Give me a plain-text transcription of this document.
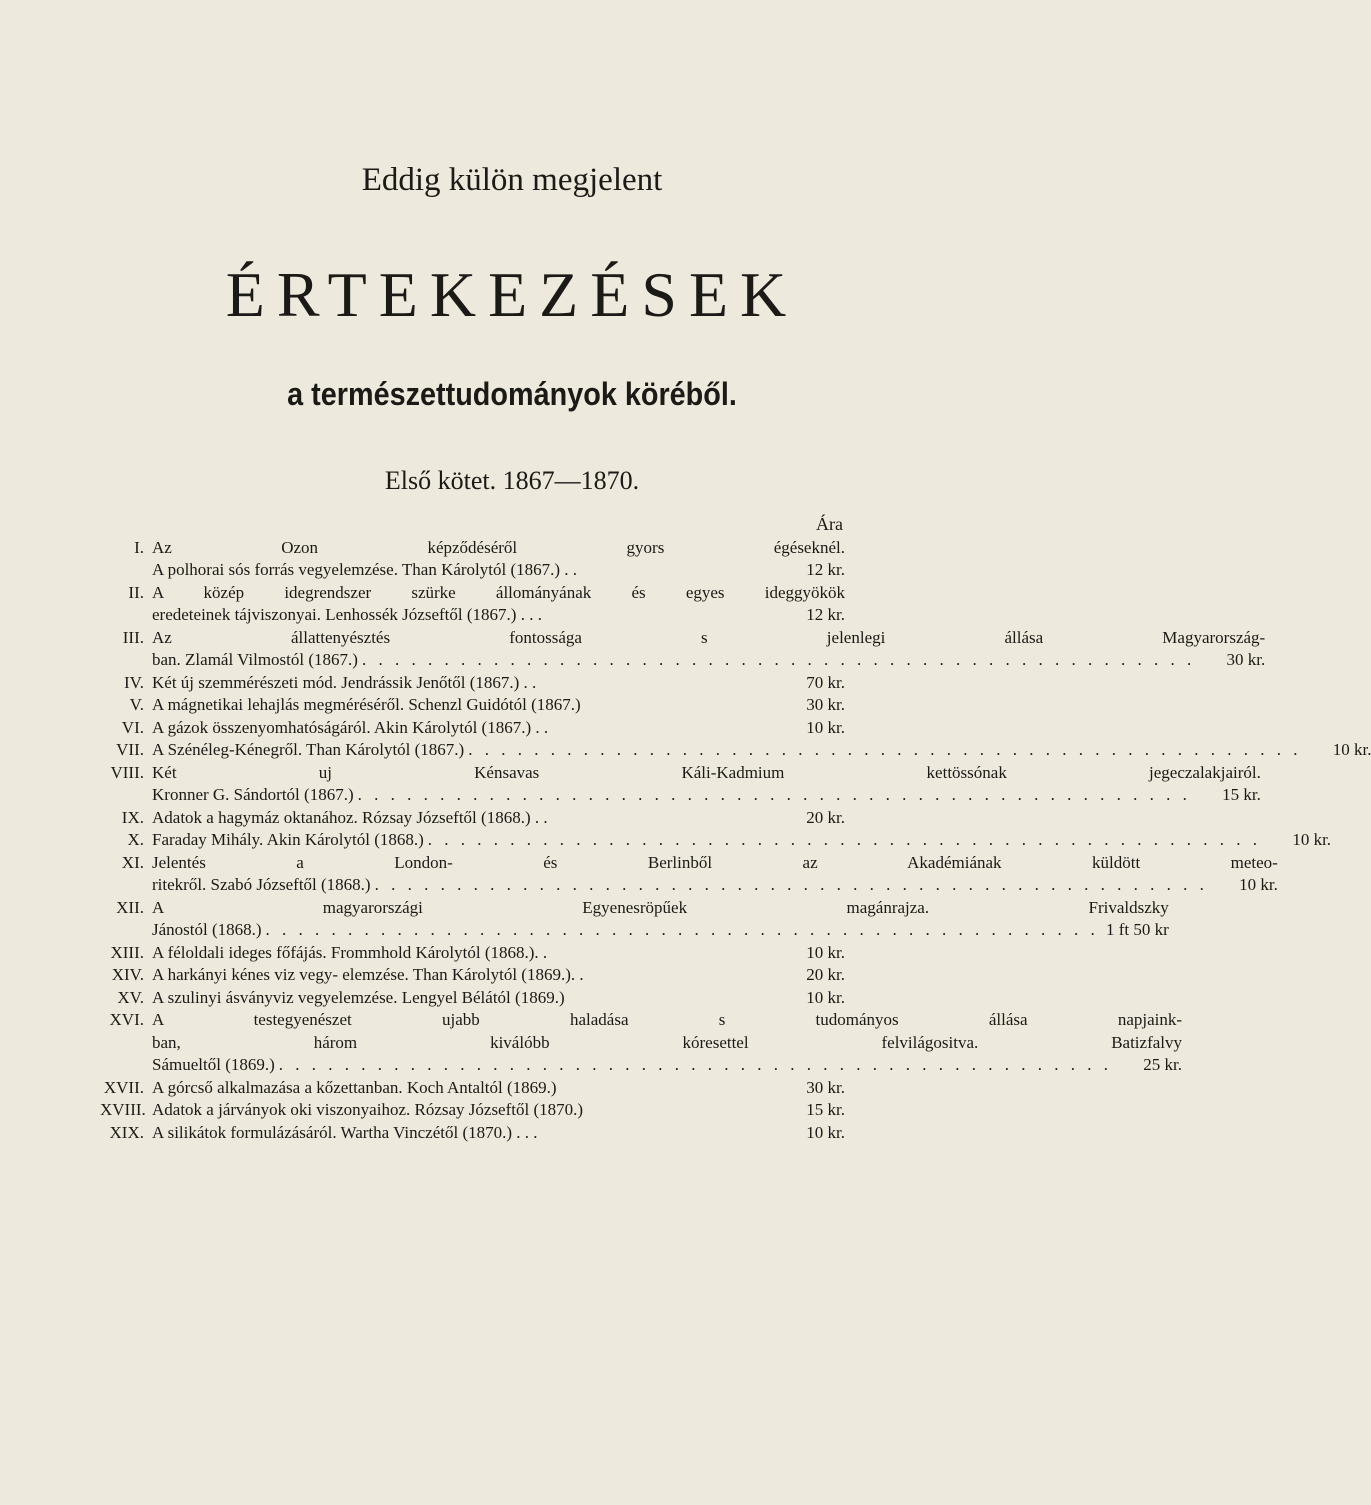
Eddig külön megjelent
ÉRTEKEZÉSEK
a természettudományok köréből.
Első kötet. 1867—1870.
Ára
I. Az Ozon képződéséről gyors égéseknél.
A polhorai sós forrás vegyelemzése. Than Károlytól (1867.) . .	12 kr.
II. A közép idegrendszer szürke állományának és egyes ideggyökök
eredeteinek tájviszonyai. Lenhossék Józseftől (1867.) . . .	12 kr.
III. Az állattenyésztés fontossága s jelenlegi állása Magyarország-
ban. Zlamál Vilmostól (1867.) . . . . . . . . . . . . . . . . . . . . . . . . . . . . . . . . . . . . . . . . . . . . . . . . . . .	30 kr.
IV. Két új szemmérészeti mód. Jendrássik Jenőtől (1867.) . .	70 kr.
V. A mágnetikai lehajlás megméréséről. Schenzl Guidótól (1867.)	30 kr.
VI. A gázok összenyomhatóságáról. Akin Károlytól (1867.) . .	10 kr.
VII. A Szénéleg-Kénegről. Than Károlytól (1867.) . . . . . . . . . . . . . . . . . . . . . . . . . . . . . . . . . . . . . . . . . . . . . . . . . . .	10 kr.
VIII. Két uj Kénsavas Káli-Kadmium kettössónak jegeczalakjairól.
Kronner G. Sándortól (1867.) . . . . . . . . . . . . . . . . . . . . . . . . . . . . . . . . . . . . . . . . . . . . . . . . . . .	15 kr.
IX. Adatok a hagymáz oktanához. Rózsay Józseftől (1868.) . .	20 kr.
X. Faraday Mihály. Akin Károlytól (1868.) . . . . . . . . . . . . . . . . . . . . . . . . . . . . . . . . . . . . . . . . . . . . . . . . . . .	10 kr.
XI. Jelentés a London- és Berlinből az Akadémiának küldött meteo-
ritekről. Szabó Józseftől (1868.) . . . . . . . . . . . . . . . . . . . . . . . . . . . . . . . . . . . . . . . . . . . . . . . . . . .	10 kr.
XII. A magyarországi Egyenesröpűek magánrajza. Frivaldszky
Jánostól (1868.) . . . . . . . . . . . . . . . . . . . . . . . . . . . . . . . . . . . . . . . . . . . . . . . . . . . 1 ft 50 kr
XIII. A féloldali ideges főfájás. Frommhold Károlytól (1868.). .	10 kr.
XIV. A harkányi kénes viz vegy- elemzése. Than Károlytól (1869.). .	20 kr.
XV. A szulinyi ásványviz vegyelemzése. Lengyel Bélától (1869.)	10 kr.
XVI. A testegyenészet ujabb haladása s tudományos állása napjaink-
ban, három kiválóbb kóresettel felvilágositva. Batizfalvy
Sámueltől (1869.) . . . . . . . . . . . . . . . . . . . . . . . . . . . . . . . . . . . . . . . . . . . . . . . . . . .	25 kr.
XVII. A górcső alkalmazása a kőzettanban. Koch Antaltól (1869.)	30 kr.
XVIII. Adatok a járványok oki viszonyaihoz. Rózsay Józseftől (1870.)	15 kr.
XIX. A silikátok formulázásáról. Wartha Vinczétől (1870.) . . .	10 kr.
